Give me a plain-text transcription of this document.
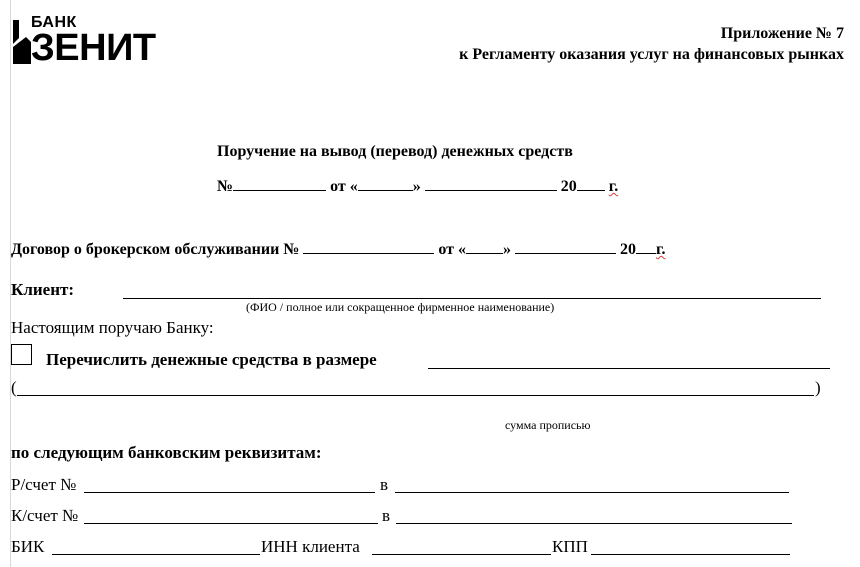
БАНК
ЗЕНИТ	Приложение № 7
к Регламенту оказания услуг на финансовых рынках
Поручение на вывод (перевод) денежных средств
№	от «	»	20 г.
Договор о брокерском обслуживании №	от « »	20 г.
Клиент:
(ФИО / полное или сокращенное фирменное наименование)
Настоящим поручаю Банку:
Перечислить денежные средства в размере
(	)
сумма прописью
по следующим банковским реквизитам:
Р/счет №	в
К/счет №	в
БИК	ИНН клиента	КПП
